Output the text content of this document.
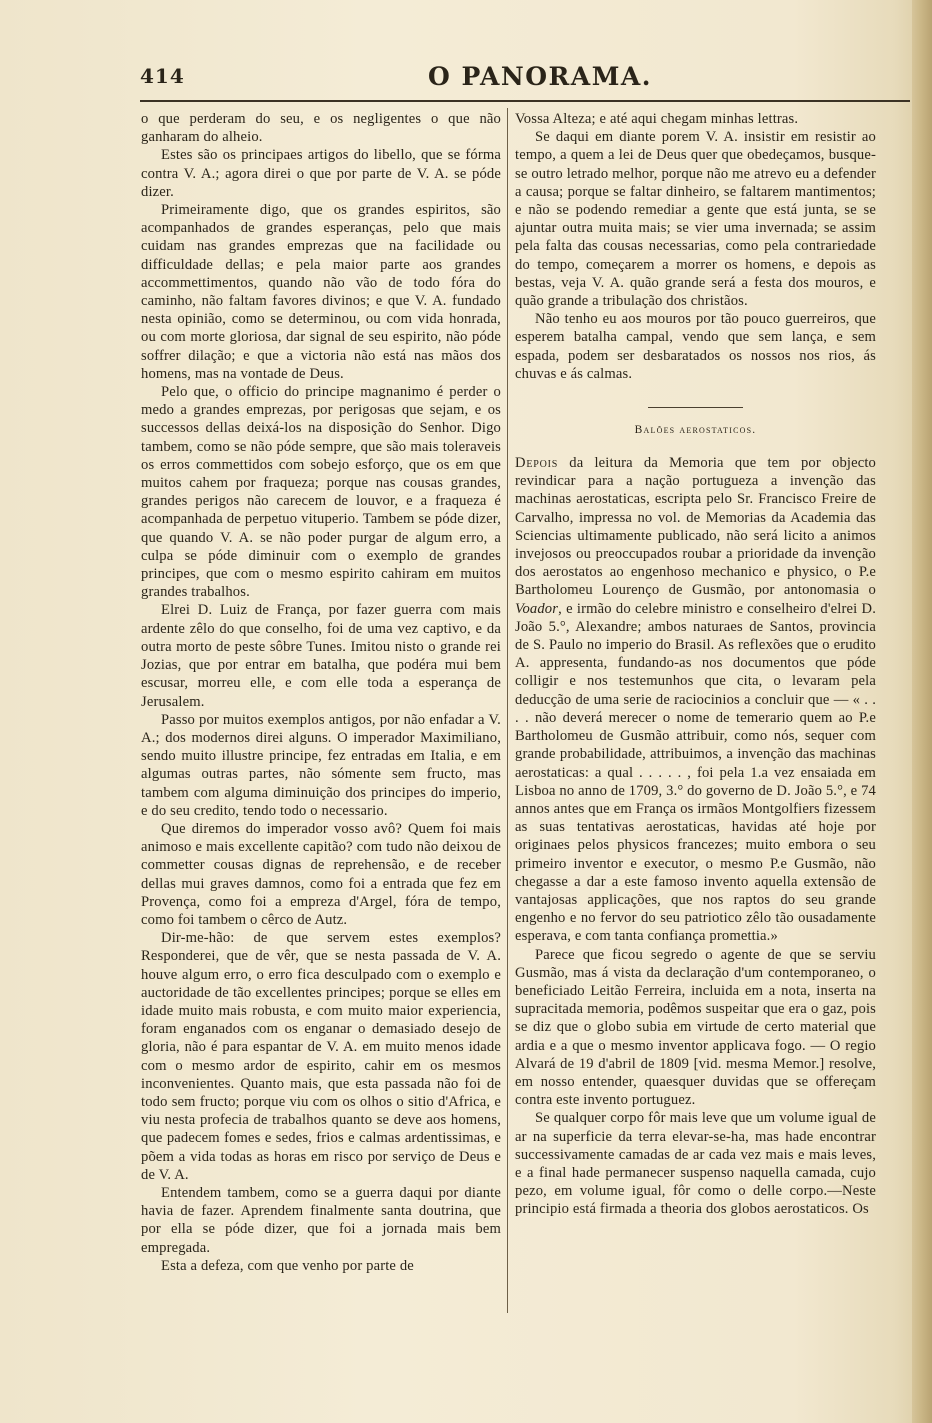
414	O PANORAMA.

o que perderam do seu, e os negligentes o que não ganharam do alheio.

Estes são os principaes artigos do libello, que se fórma contra V. A.; agora direi o que por parte de V. A. se póde dizer.

Primeiramente digo, que os grandes espiritos, são acompanhados de grandes esperanças, pelo que mais cuidam nas grandes emprezas que na facilidade ou difficuldade dellas; e pela maior parte aos grandes accommettimentos, quando não vão de todo fóra do caminho, não faltam favores divinos; e que V. A. fundado nesta opinião, como se determinou, ou com vida honrada, ou com morte gloriosa, dar signal de seu espirito, não póde soffrer dilação; e que a victoria não está nas mãos dos homens, mas na vontade de Deus.

Pelo que, o officio do principe magnanimo é perder o medo a grandes emprezas, por perigosas que sejam, e os successos dellas deixá-los na disposição do Senhor. Digo tambem, como se não póde sempre, que são mais toleraveis os erros commettidos com sobejo esforço, que os em que muitos cahem por fraqueza; porque nas cousas grandes, grandes perigos não carecem de louvor, e a fraqueza é acompanhada de perpetuo vituperio. Tambem se póde dizer, que quando V. A. se não poder purgar de algum erro, a culpa se póde diminuir com o exemplo de grandes principes, que com o mesmo espirito cahiram em muitos grandes trabalhos.

Elrei D. Luiz de França, por fazer guerra com mais ardente zêlo do que conselho, foi de uma vez captivo, e da outra morto de peste sôbre Tunes. Imitou nisto o grande rei Jozias, que por entrar em batalha, que podéra mui bem escusar, morreu elle, e com elle toda a esperança de Jerusalem.

Passo por muitos exemplos antigos, por não enfadar a V. A.; dos modernos direi alguns. O imperador Maximiliano, sendo muito illustre principe, fez entradas em Italia, e em algumas outras partes, não sómente sem fructo, mas tambem com alguma diminuição dos principes do imperio, e do seu credito, tendo todo o necessario.

Que diremos do imperador vosso avô? Quem foi mais animoso e mais excellente capitão? com tudo não deixou de commetter cousas dignas de reprehensão, e de receber dellas mui graves damnos, como foi a entrada que fez em Provença, como foi a empreza d'Argel, fóra de tempo, como foi tambem o cêrco de Autz.

Dir-me-hão: de que servem estes exemplos? Responderei, que de vêr, que se nesta passada de V. A. houve algum erro, o erro fica desculpado com o exemplo e auctoridade de tão excellentes principes; porque se elles em idade muito mais robusta, e com muito maior experiencia, foram enganados com os enganar o demasiado desejo de gloria, não é para espantar de V. A. em muito menos idade com o mesmo ardor de espirito, cahir em os mesmos inconvenientes. Quanto mais, que esta passada não foi de todo sem fructo; porque viu com os olhos o sitio d'Africa, e viu nesta profecia de trabalhos quanto se deve aos homens, que padecem fomes e sedes, frios e calmas ardentissimas, e põem a vida todas as horas em risco por serviço de Deus e de V. A.

Entendem tambem, como se a guerra daqui por diante havia de fazer. Aprendem finalmente santa doutrina, que por ella se póde dizer, que foi a jornada mais bem empregada.

Esta a defeza, com que venho por parte de

Vossa Alteza; e até aqui chegam minhas lettras.

Se daqui em diante porem V. A. insistir em resistir ao tempo, a quem a lei de Deus quer que obedeçamos, busque-se outro letrado melhor, porque não me atrevo eu a defender a causa; porque se faltar dinheiro, se faltarem mantimentos; e não se podendo remediar a gente que está junta, se se ajuntar outra muita mais; se vier uma invernada; se assim pela falta das cousas necessarias, como pela contrariedade do tempo, começarem a morrer os homens, e depois as bestas, veja V. A. quão grande será a festa dos mouros, e quão grande a tribulação dos christãos.

Não tenho eu aos mouros por tão pouco guerreiros, que esperem batalha campal, vendo que sem lança, e sem espada, podem ser desbaratados os nossos nos rios, ás chuvas e ás calmas.

Balões aerostaticos.

Depois da leitura da Memoria que tem por objecto revindicar para a nação portugueza a invenção das machinas aerostaticas, escripta pelo Sr. Francisco Freire de Carvalho, impressa no vol. de Memorias da Academia das Sciencias ultimamente publicado, não será licito a animos invejosos ou preoccupados roubar a prioridade da invenção dos aerostatos ao engenhoso mechanico e physico, o P.e Bartholomeu Lourenço de Gusmão, por antonomasia o Voador, e irmão do celebre ministro e conselheiro d'elrei D. João 5.°, Alexandre; ambos naturaes de Santos, provincia de S. Paulo no imperio do Brasil. As reflexões que o erudito A. appresenta, fundando-as nos documentos que póde colligir e nos testemunhos que cita, o levaram pela deducção de uma serie de raciocinios a concluir que — « . . . . não deverá merecer o nome de temerario quem ao P.e Bartholomeu de Gusmão attribuir, como nós, sequer com grande probabilidade, attribuimos, a invenção das machinas aerostaticas: a qual . . . . . , foi pela 1.a vez ensaiada em Lisboa no anno de 1709, 3.° do governo de D. João 5.°, e 74 annos antes que em França os irmãos Montgolfiers fizessem as suas tentativas aerostaticas, havidas até hoje por originaes pelos physicos francezes; muito embora o seu primeiro inventor e executor, o mesmo P.e Gusmão, não chegasse a dar a este famoso invento aquella extensão de vantajosas applicações, que nos raptos do seu grande engenho e no fervor do seu patriotico zêlo tão ousadamente esperava, e com tanta confiança promettia.»

Parece que ficou segredo o agente de que se serviu Gusmão, mas á vista da declaração d'um contemporaneo, o beneficiado Leitão Ferreira, incluida em a nota, inserta na supracitada memoria, podêmos suspeitar que era o gaz, pois se diz que o globo subia em virtude de certo material que ardia e a que o mesmo inventor applicava fogo. — O regio Alvará de 19 d'abril de 1809 [vid. mesma Memor.] resolve, em nosso entender, quaesquer duvidas que se offereçam contra este invento portuguez.

Se qualquer corpo fôr mais leve que um volume igual de ar na superficie da terra elevar-se-ha, mas hade encontrar successivamente camadas de ar cada vez mais e mais leves, e a final hade permanecer suspenso naquella camada, cujo pezo, em volume igual, fôr como o delle corpo.—Neste principio está firmada a theoria dos globos aerostaticos. Os
